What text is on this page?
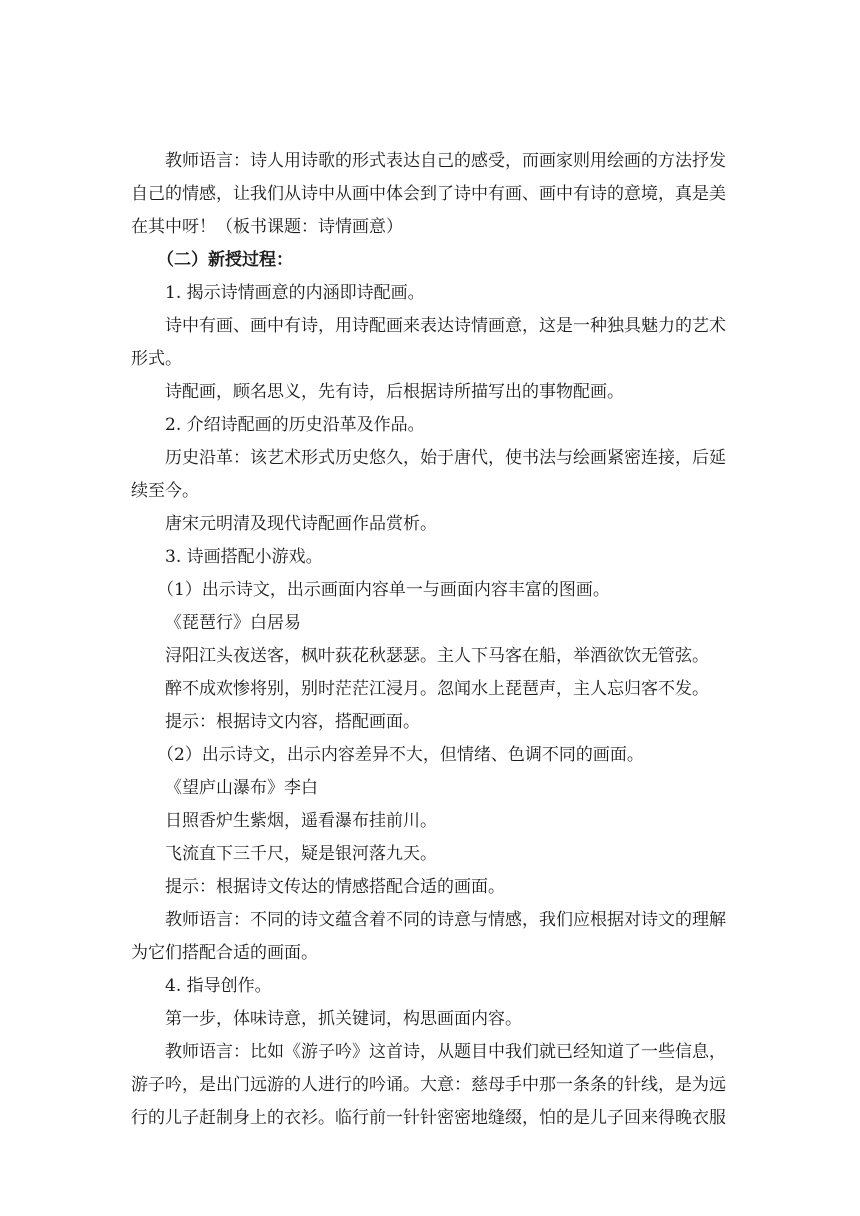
教师语言：诗人用诗歌的形式表达自己的感受，而画家则用绘画的方法抒发

自己的情感，让我们从诗中从画中体会到了诗中有画、画中有诗的意境，真是美

在其中呀！（板书课题：诗情画意）

（二）新授过程：

1. 揭示诗情画意的内涵即诗配画。

诗中有画、画中有诗，用诗配画来表达诗情画意，这是一种独具魅力的艺术

形式。

诗配画，顾名思义，先有诗，后根据诗所描写出的事物配画。

2. 介绍诗配画的历史沿革及作品。

历史沿革：该艺术形式历史悠久，始于唐代，使书法与绘画紧密连接，后延

续至今。

唐宋元明清及现代诗配画作品赏析。

3. 诗画搭配小游戏。

（1）出示诗文，出示画面内容单一与画面内容丰富的图画。

《琵琶行》白居易

浔阳江头夜送客，枫叶荻花秋瑟瑟。主人下马客在船，举酒欲饮无管弦。

醉不成欢惨将别，别时茫茫江浸月。忽闻水上琵琶声，主人忘归客不发。

提示：根据诗文内容，搭配画面。

（2）出示诗文，出示内容差异不大，但情绪、色调不同的画面。

《望庐山瀑布》李白

日照香炉生紫烟，遥看瀑布挂前川。

飞流直下三千尺，疑是银河落九天。

提示：根据诗文传达的情感搭配合适的画面。

教师语言：不同的诗文蕴含着不同的诗意与情感，我们应根据对诗文的理解

为它们搭配合适的画面。

4. 指导创作。

第一步，体味诗意，抓关键词，构思画面内容。

教师语言：比如《游子吟》这首诗，从题目中我们就已经知道了一些信息，

游子吟，是出门远游的人进行的吟诵。大意：慈母手中那一条条的针线，是为远

行的儿子赶制身上的衣衫。临行前一针针密密地缝缀，怕的是儿子回来得晚衣服
